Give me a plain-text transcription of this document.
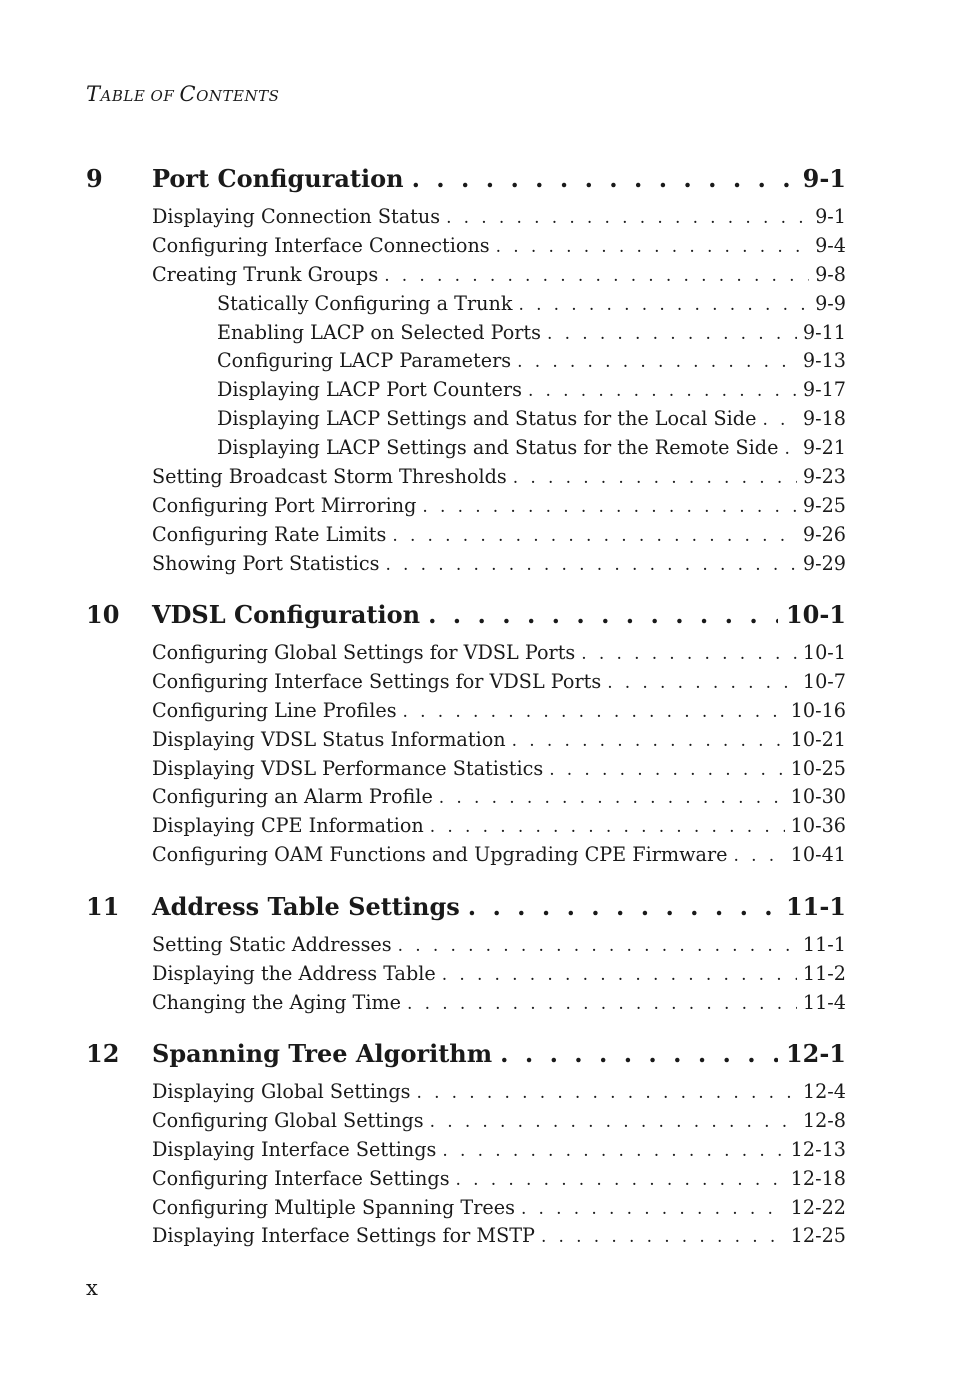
TABLE OF CONTENTS
9	Port Configuration . . .	9-1
Displaying Connection Status . . .	9-1
Configuring Interface Connections . . .	9-4
Creating Trunk Groups . . .	9-8
Statically Configuring a Trunk . . .	9-9
Enabling LACP on Selected Ports . . .	9-11
Configuring LACP Parameters . . .	9-13
Displaying LACP Port Counters . . .	9-17
Displaying LACP Settings and Status for the Local Side . . . 9-18
Displaying LACP Settings and Status for the Remote Side . . . 9-21
Setting Broadcast Storm Thresholds . . .	9-23
Configuring Port Mirroring . . .	9-25
Configuring Rate Limits . . .	9-26
Showing Port Statistics . . .	9-29
10	VDSL Configuration . . .	10-1
Configuring Global Settings for VDSL Ports . . .	10-1
Configuring Interface Settings for VDSL Ports . . .	10-7
Configuring Line Profiles . . .	10-16
Displaying VDSL Status Information . . .	10-21
Displaying VDSL Performance Statistics . . .	10-25
Configuring an Alarm Profile . . .	10-30
Displaying CPE Information . . .	10-36
Configuring OAM Functions and Upgrading CPE Firmware . . .	10-41
11	Address Table Settings . . .	11-1
Setting Static Addresses . . .	11-1
Displaying the Address Table . . .	11-2
Changing the Aging Time . . .	11-4
12	Spanning Tree Algorithm . . .	12-1
Displaying Global Settings . . .	12-4
Configuring Global Settings . . .	12-8
Displaying Interface Settings . . .	12-13
Configuring Interface Settings . . .	12-18
Configuring Multiple Spanning Trees . . .	12-22
Displaying Interface Settings for MSTP . . .	12-25
x
